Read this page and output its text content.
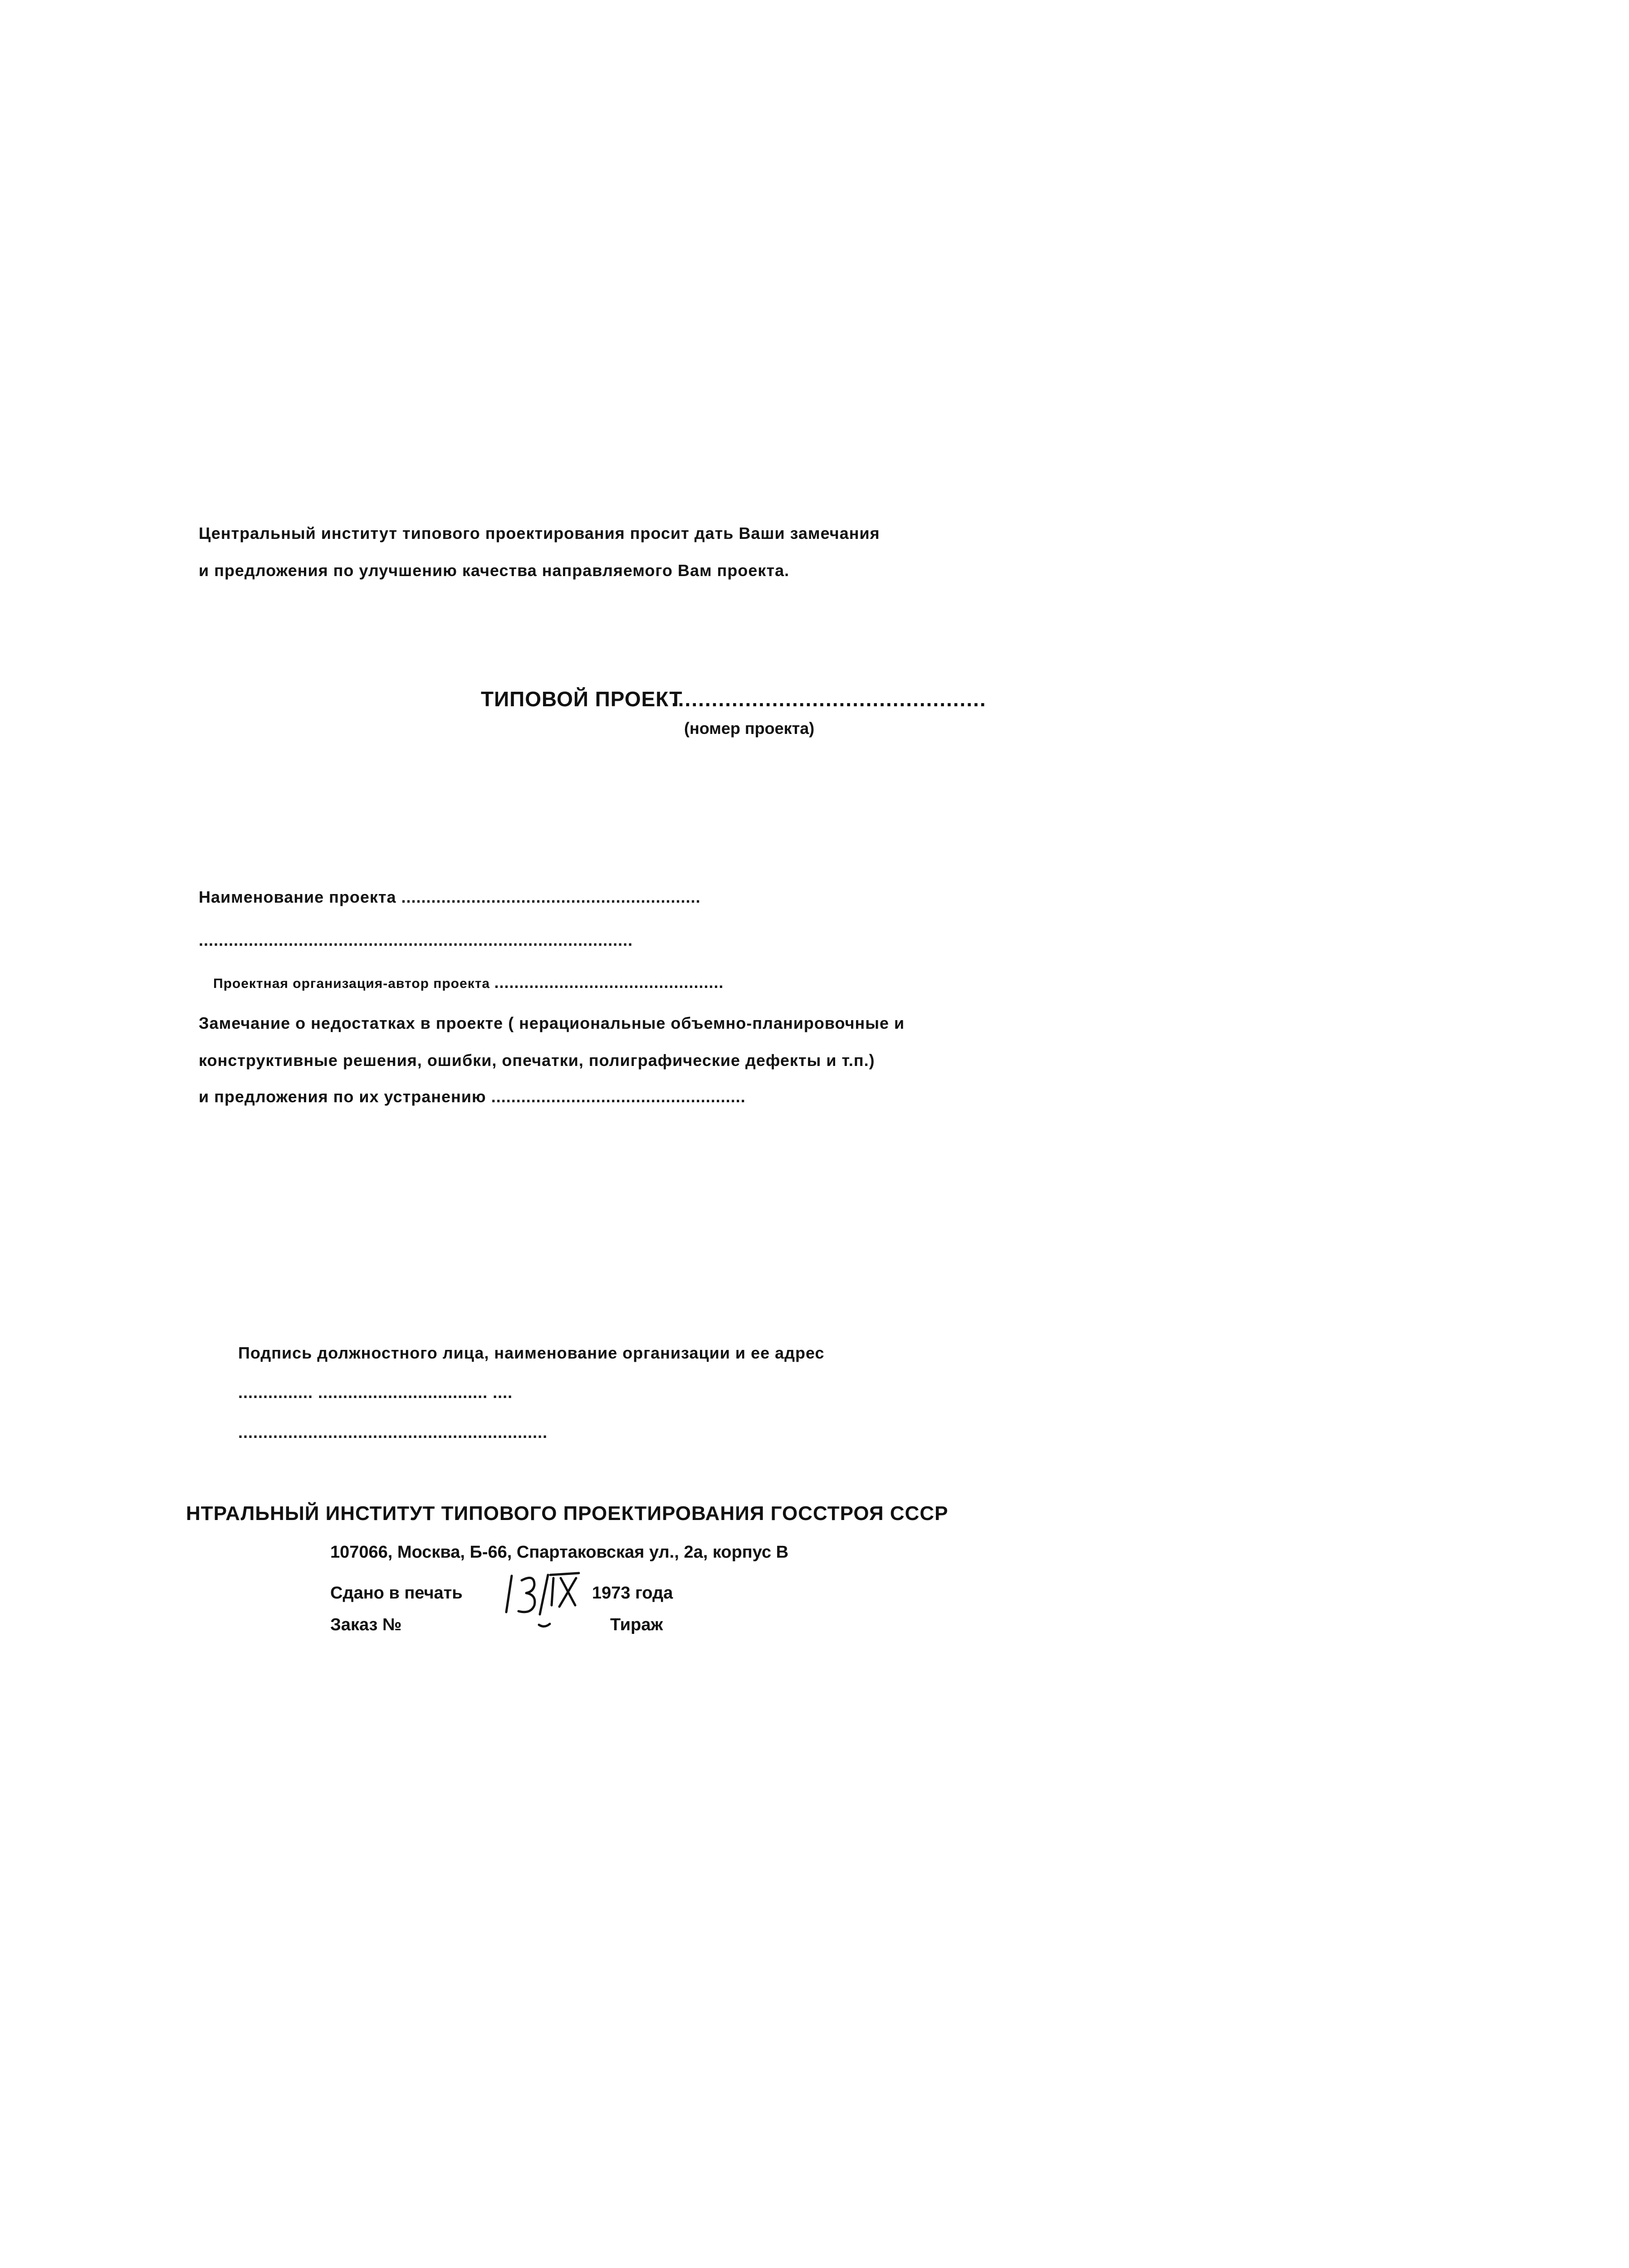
Центральный институт типового проектирования просит дать Ваши замечания
и предложения по улучшению качества направляемого Вам проекта.
ТИПОВОЙ ПРОЕКТ
...............................................
(номер проекта)
Наименование проекта ............................................................
.......................................................................................
Проектная организация-автор проекта ..............................................
Замечание о недостатках в проекте ( нерациональные объемно-планировочные и
конструктивные решения, ошибки, опечатки, полиграфические дефекты и т.п.)
и предложения по их устранению ...................................................
Подпись должностного лица, наименование организации и ее адрес
............... .................................. ....
..............................................................
НТРАЛЬНЫЙ ИНСТИТУТ ТИПОВОГО ПРОЕКТИРОВАНИЯ ГОССТРОЯ СССР
107066, Москва, Б-66, Спартаковская ул., 2а, корпус В
Сдано в печать	1973 года
Заказ №	Тираж
